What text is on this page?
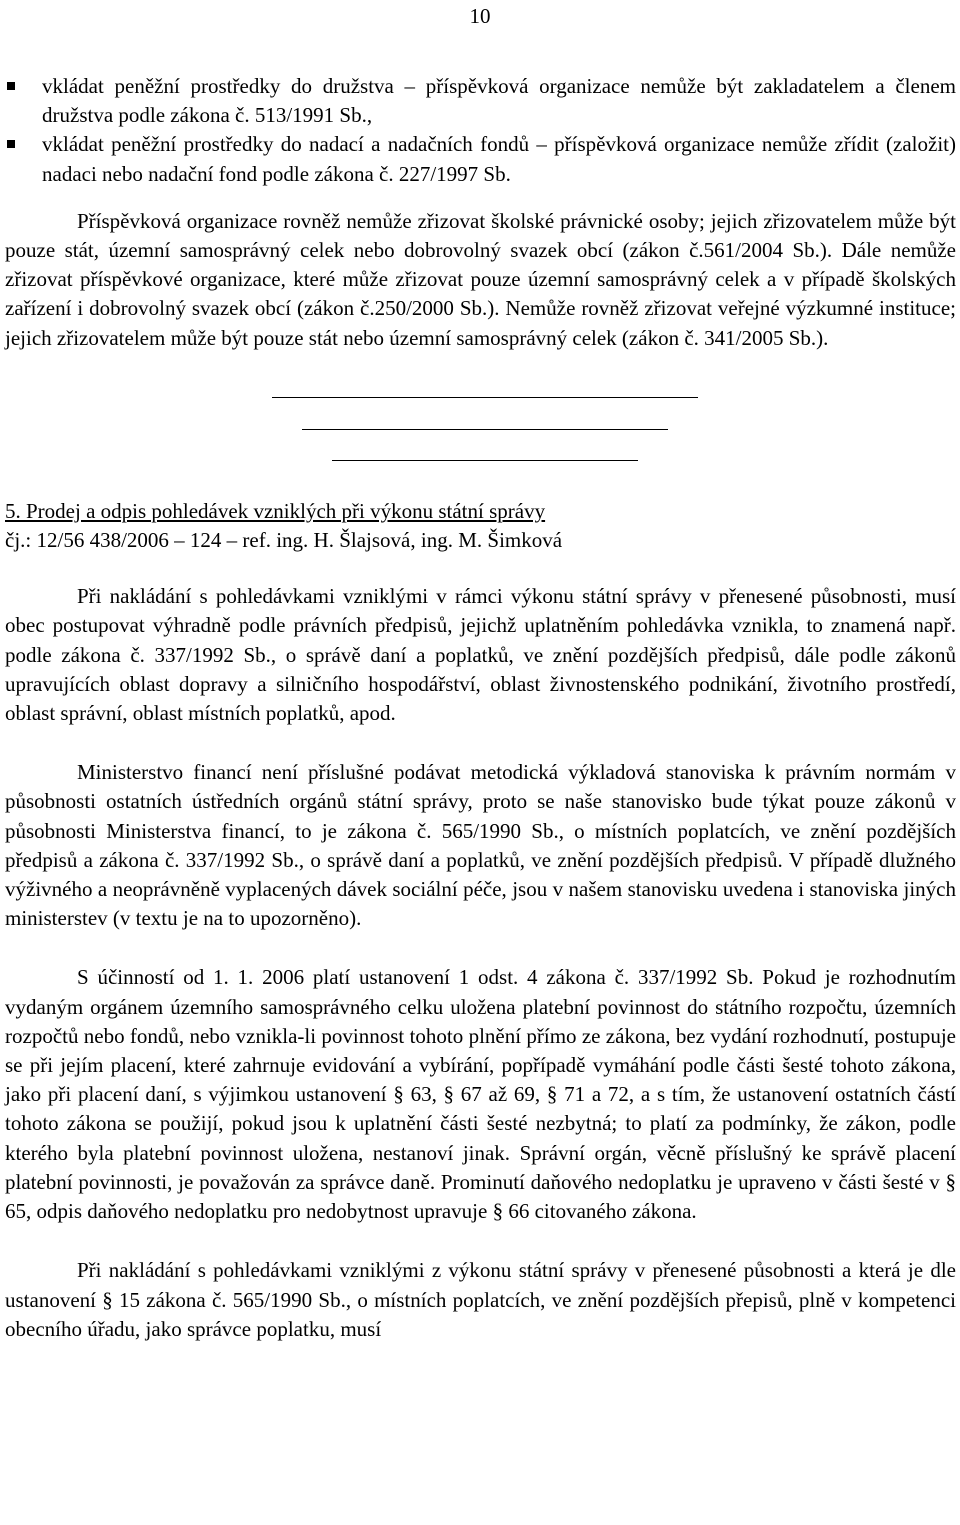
10
vkládat peněžní prostředky do družstva – příspěvková organizace nemůže být zakladatelem a členem družstva podle zákona č. 513/1991 Sb.,
vkládat peněžní prostředky do nadací a nadačních fondů – příspěvková organizace nemůže zřídit (založit) nadaci nebo nadační fond podle zákona č. 227/1997 Sb.

Příspěvková organizace rovněž nemůže zřizovat školské právnické osoby; jejich zřizovatelem může být pouze stát, územní samosprávný celek nebo dobrovolný svazek obcí (zákon č.561/2004 Sb.). Dále nemůže zřizovat příspěvkové organizace, které může zřizovat pouze územní samosprávný celek a v případě školských zařízení i dobrovolný svazek obcí (zákon č.250/2000 Sb.). Nemůže rovněž zřizovat veřejné výzkumné instituce; jejich zřizovatelem může být pouze stát nebo územní samosprávný celek (zákon č. 341/2005 Sb.).

5. Prodej a odpis pohledávek vzniklých při výkonu státní správy

čj.: 12/56 438/2006 – 124 – ref. ing. H. Šlajsová, ing. M. Šimková

Při nakládání s pohledávkami vzniklými v rámci výkonu státní správy v přenesené působnosti, musí obec postupovat výhradně podle právních předpisů, jejichž uplatněním pohledávka vznikla, to znamená např. podle zákona č. 337/1992 Sb., o správě daní a poplatků, ve znění pozdějších předpisů, dále podle zákonů upravujících oblast dopravy a silničního hospodářství, oblast živnostenského podnikání, životního prostředí, oblast správní, oblast místních poplatků, apod.

Ministerstvo financí není příslušné podávat metodická výkladová stanoviska k právním normám v působnosti ostatních ústředních orgánů státní správy, proto se naše stanovisko bude týkat pouze zákonů v působnosti Ministerstva financí, to je zákona č. 565/1990 Sb., o místních poplatcích, ve znění pozdějších předpisů a zákona č. 337/1992 Sb., o správě daní a poplatků, ve znění pozdějších předpisů. V případě dlužného výživného a neoprávněně vyplacených dávek sociální péče, jsou v našem stanovisku uvedena i stanoviska jiných ministerstev (v textu je na to upozorněno).

S účinností od 1. 1. 2006 platí ustanovení 1 odst. 4 zákona č. 337/1992 Sb. Pokud je rozhodnutím vydaným orgánem územního samosprávného celku uložena platební povinnost do státního rozpočtu, územních rozpočtů nebo fondů, nebo vznikla-li povinnost tohoto plnění přímo ze zákona, bez vydání rozhodnutí, postupuje se při jejím placení, které zahrnuje evidování a vybírání, popřípadě vymáhání podle části šesté tohoto zákona, jako při placení daní, s výjimkou ustanovení § 63, § 67 až 69, § 71 a 72, a s tím, že ustanovení ostatních částí tohoto zákona se použijí, pokud jsou k uplatnění části šesté nezbytná; to platí za podmínky, že zákon, podle kterého byla platební povinnost uložena, nestanoví jinak. Správní orgán, věcně příslušný ke správě placení platební povinnosti, je považován za správce daně. Prominutí daňového nedoplatku je upraveno v části šesté v § 65, odpis daňového nedoplatku pro nedobytnost upravuje § 66 citovaného zákona.

Při nakládání s pohledávkami vzniklými z výkonu státní správy v přenesené působnosti a která je dle ustanovení § 15 zákona č. 565/1990 Sb., o místních poplatcích, ve znění pozdějších přepisů, plně v kompetenci obecního úřadu, jako správce poplatku, musí
